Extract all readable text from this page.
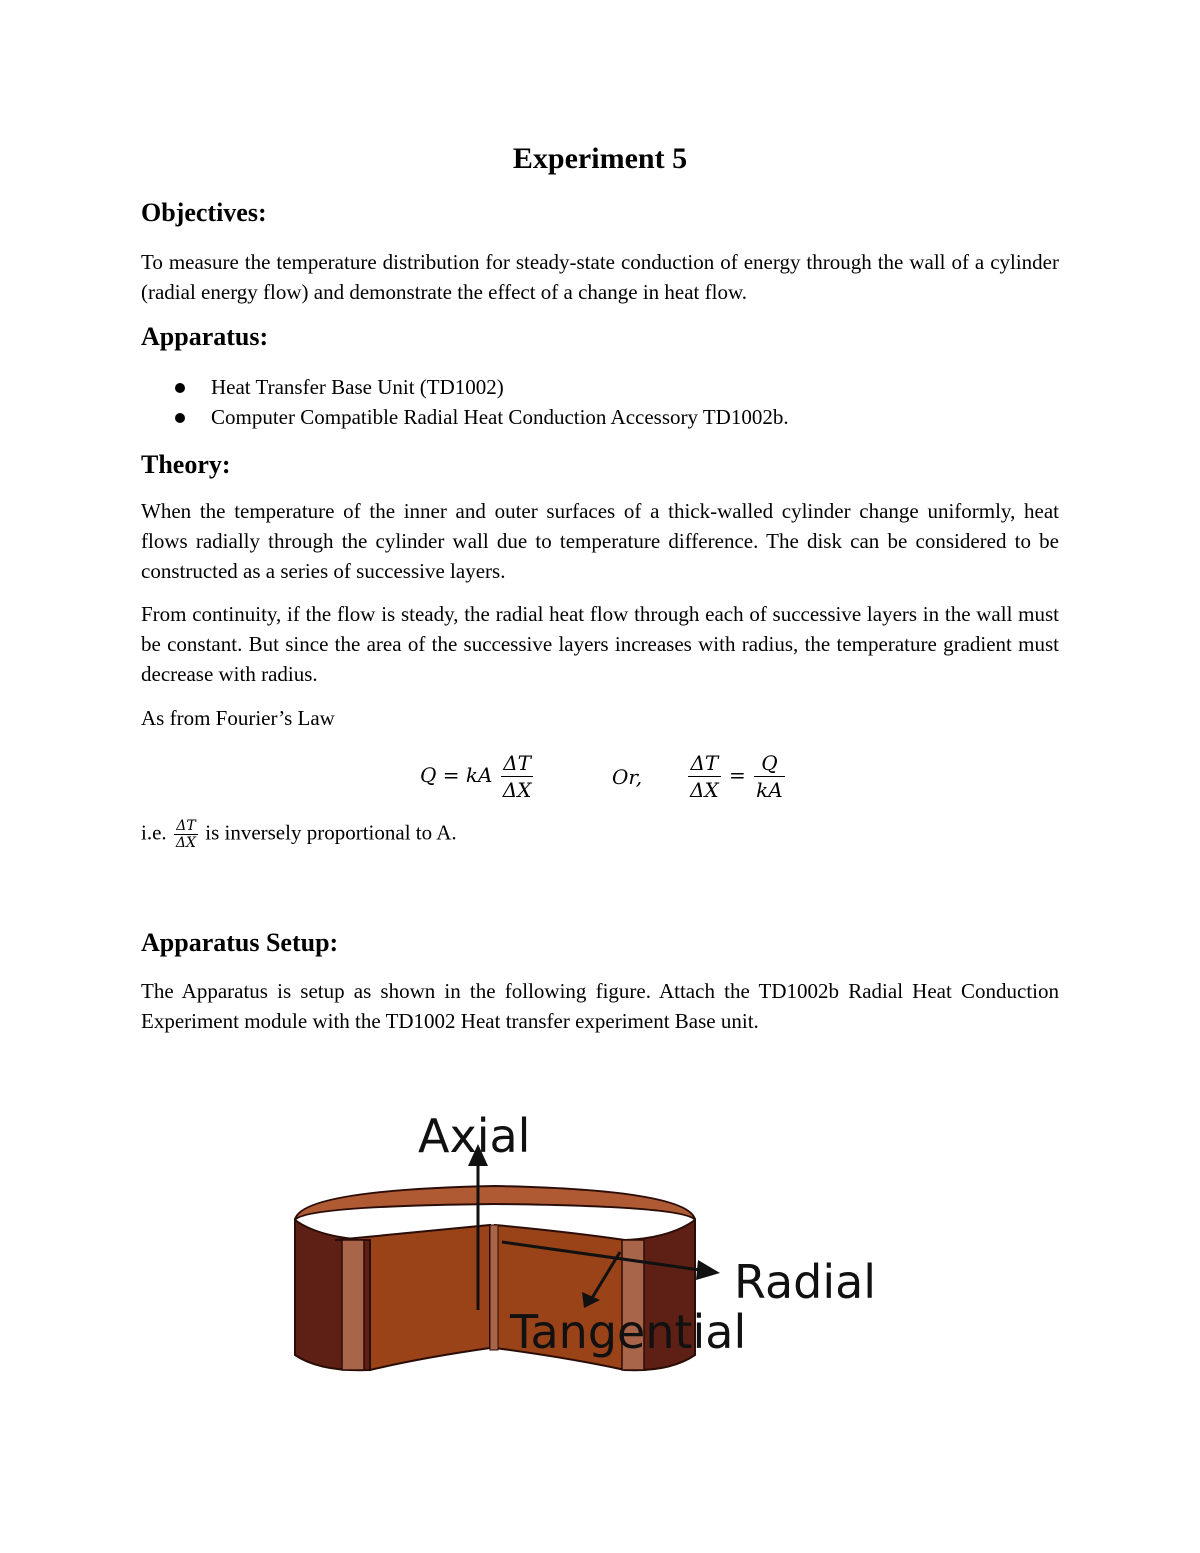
Experiment 5
Objectives:

To measure the temperature distribution for steady-state conduction of energy through the wall of a cylinder (radial energy flow) and demonstrate the effect of a change in heat flow.

Apparatus:
Heat Transfer Base Unit (TD1002)
Computer Compatible Radial Heat Conduction Accessory TD1002b.
Theory:

When the temperature of the inner and outer surfaces of a thick-walled cylinder change uniformly, heat flows radially through the cylinder wall due to temperature difference. The disk can be considered to be constructed as a series of successive layers.

From continuity, if the flow is steady, the radial heat flow through each of successive layers in the wall must be constant. But since the area of the successive layers increases with radius, the temperature gradient must decrease with radius.

As from Fourier’s Law

Q = kA $\frac{\Delta T}{\Delta X}$	Or, $\frac{\Delta T}{\Delta X} = \frac{Q}{kA}$
i.e. $\frac{\Delta T}{\Delta X}$ is inversely proportional to A.
Apparatus Setup:

The Apparatus is setup as shown in the following figure. Attach the TD1002b Radial Heat Conduction Experiment module with the TD1002 Heat transfer experiment Base unit.

Axial
Radial
Tangential
